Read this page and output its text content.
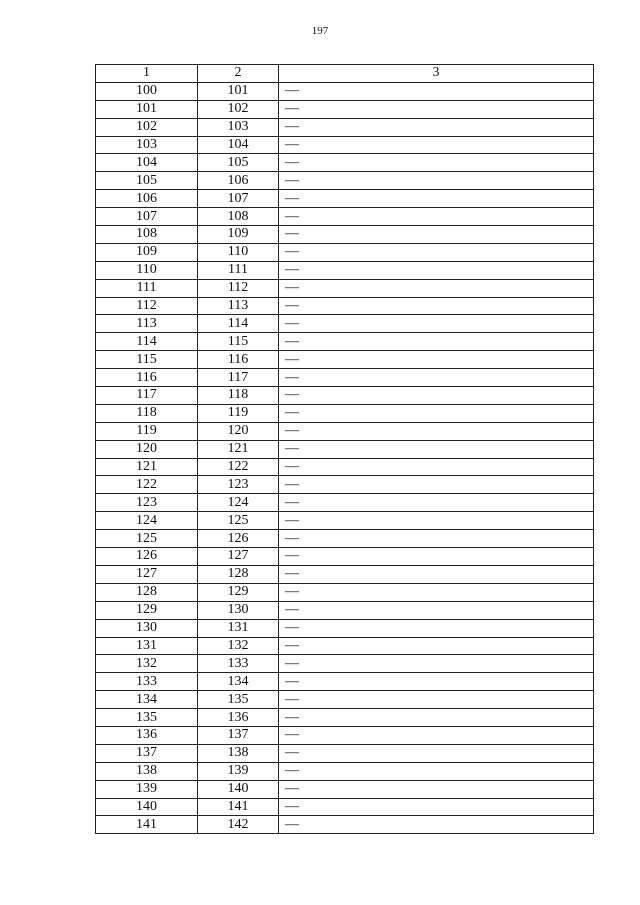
197
1	2	3
100	101	—
101	102	—
102	103	—
103	104	—
104	105	—
105	106	—
106	107	—
107	108	—
108	109	—
109	110	—
110	111	—
111	112	—
112	113	—
113	114	—
114	115	—
115	116	—
116	117	—
117	118	—
118	119	—
119	120	—
120	121	—
121	122	—
122	123	—
123	124	—
124	125	—
125	126	—
126	127	—
127	128	—
128	129	—
129	130	—
130	131	—
131	132	—
132	133	—
133	134	—
134	135	—
135	136	—
136	137	—
137	138	—
138	139	—
139	140	—
140	141	—
141	142	—
